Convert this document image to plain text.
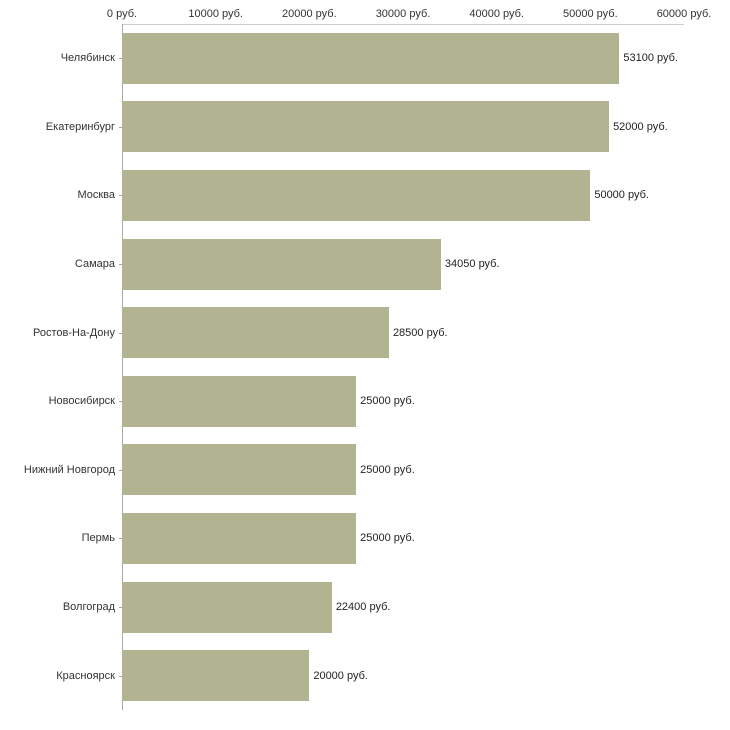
0 руб.	10000 руб.	20000 руб.	30000 руб.	40000 руб.	50000 руб.	60000 руб.
Челябинск	53100 руб.
Екатеринбург	52000 руб.
Москва	50000 руб.
Самара	34050 руб.
Ростов-На-Дону	28500 руб.
Новосибирск	25000 руб.
Нижний Новгород	25000 руб.
Пермь	25000 руб.
Волгоград	22400 руб.
Красноярск	20000 руб.
